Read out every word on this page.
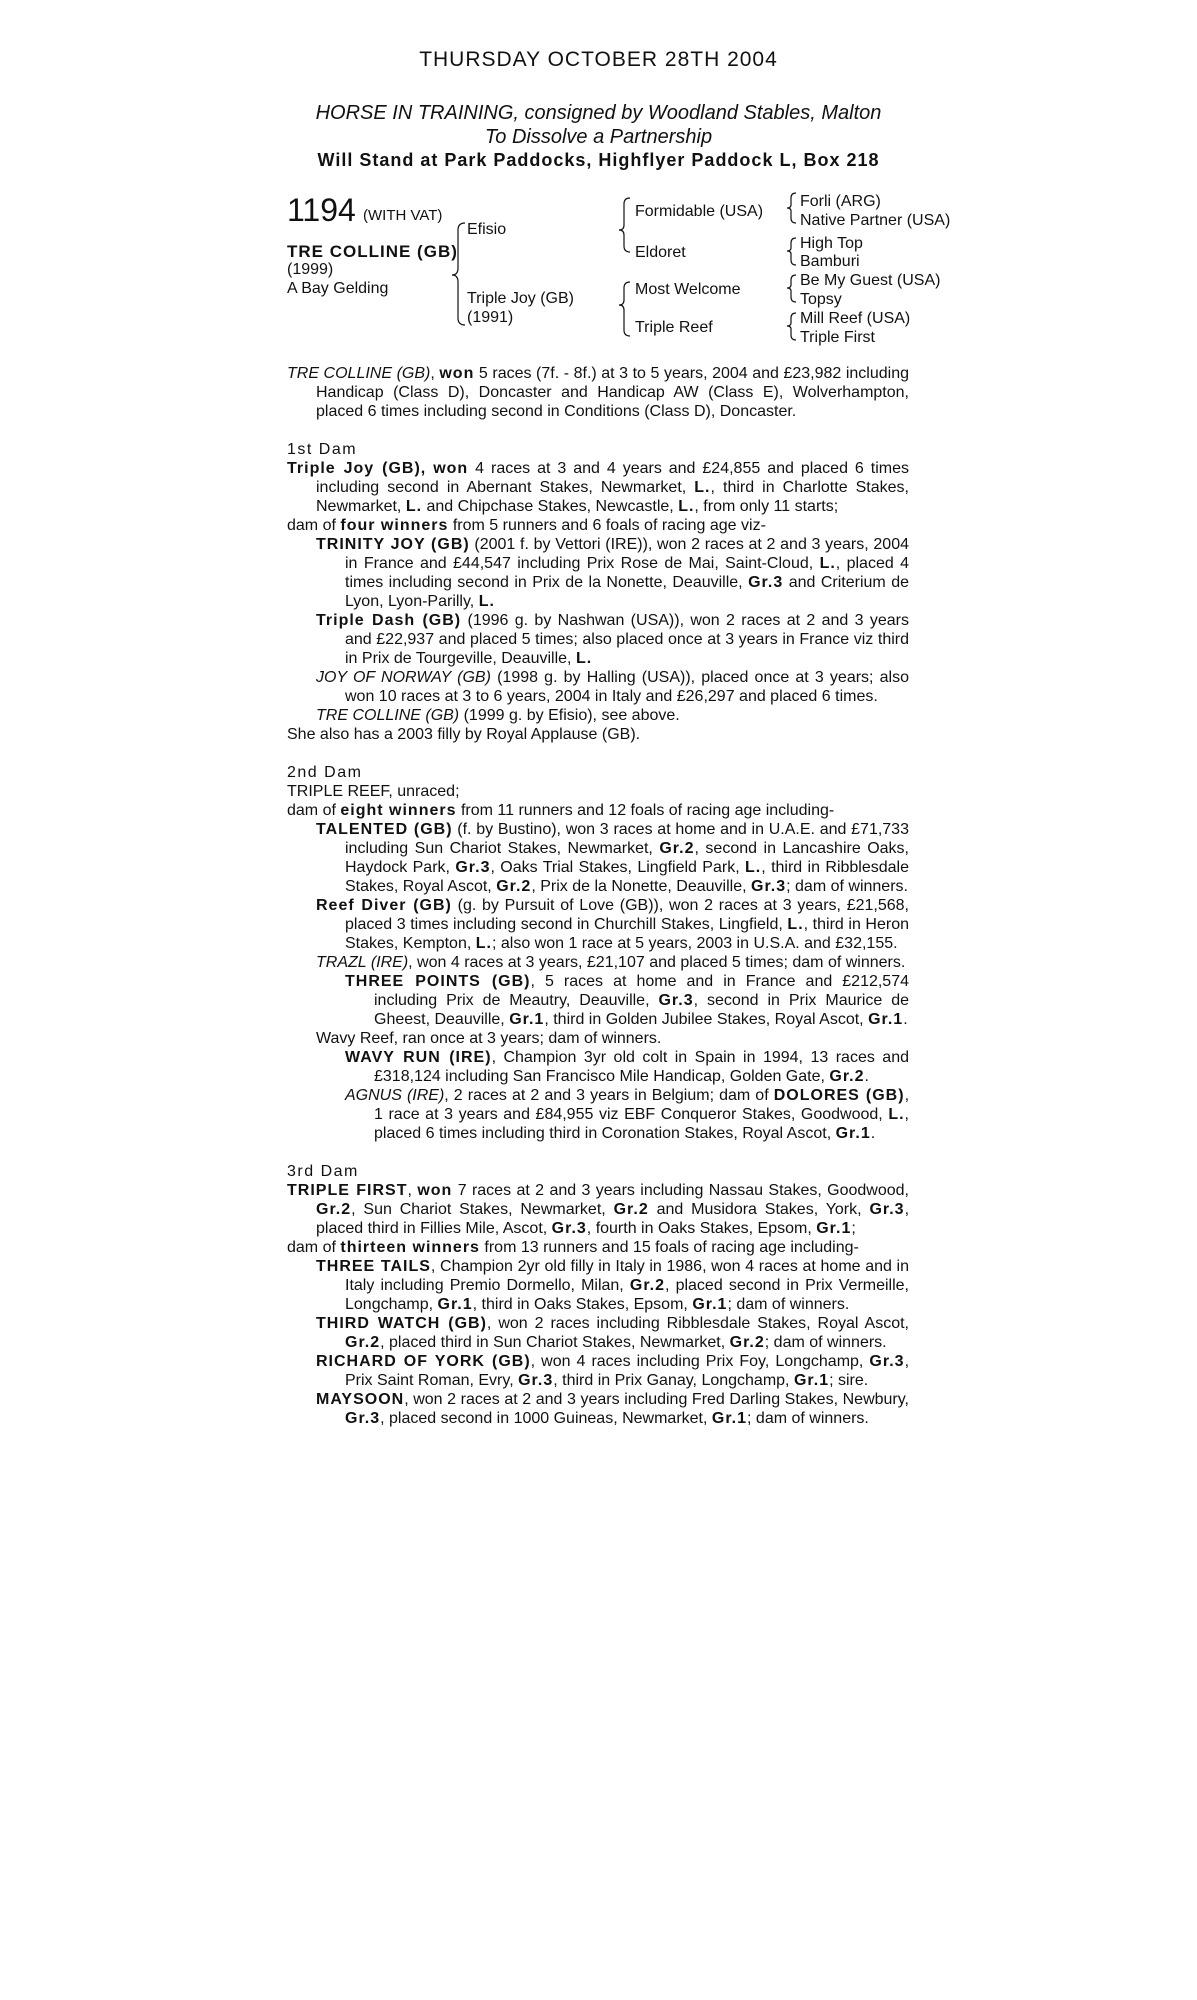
THURSDAY OCTOBER 28TH 2004
HORSE IN TRAINING, consigned by Woodland Stables, Malton
To Dissolve a Partnership
Will Stand at Park Paddocks, Highflyer Paddock L, Box 218
1194 (WITH VAT)
TRE COLLINE (GB)
(1999)
A Bay Gelding
Efisio
Triple Joy (GB)
(1991)
Formidable (USA)
Eldoret
Most Welcome
Triple Reef
Forli (ARG)
Native Partner (USA)
High Top
Bamburi
Be My Guest (USA)
Topsy
Mill Reef (USA)
Triple First

TRE COLLINE (GB), won 5 races (7f. - 8f.) at 3 to 5 years, 2004 and £23,982 including Handicap (Class D), Doncaster and Handicap AW (Class E), Wolverhampton, placed 6 times including second in Conditions (Class D), Doncaster.

1st Dam

Triple Joy (GB), won 4 races at 3 and 4 years and £24,855 and placed 6 times including second in Abernant Stakes, Newmarket, L., third in Charlotte Stakes, Newmarket, L. and Chipchase Stakes, Newcastle, L., from only 11 starts;

dam of four winners from 5 runners and 6 foals of racing age viz-

TRINITY JOY (GB) (2001 f. by Vettori (IRE)), won 2 races at 2 and 3 years, 2004 in France and £44,547 including Prix Rose de Mai, Saint-Cloud, L., placed 4 times including second in Prix de la Nonette, Deauville, Gr.3 and Criterium de Lyon, Lyon-Parilly, L.

Triple Dash (GB) (1996 g. by Nashwan (USA)), won 2 races at 2 and 3 years and £22,937 and placed 5 times; also placed once at 3 years in France viz third in Prix de Tourgeville, Deauville, L.

JOY OF NORWAY (GB) (1998 g. by Halling (USA)), placed once at 3 years; also won 10 races at 3 to 6 years, 2004 in Italy and £26,297 and placed 6 times.

TRE COLLINE (GB) (1999 g. by Efisio), see above.

She also has a 2003 filly by Royal Applause (GB).

2nd Dam

TRIPLE REEF, unraced;

dam of eight winners from 11 runners and 12 foals of racing age including-

TALENTED (GB) (f. by Bustino), won 3 races at home and in U.A.E. and £71,733 including Sun Chariot Stakes, Newmarket, Gr.2, second in Lancashire Oaks, Haydock Park, Gr.3, Oaks Trial Stakes, Lingfield Park, L., third in Ribblesdale Stakes, Royal Ascot, Gr.2, Prix de la Nonette, Deauville, Gr.3; dam of winners.

Reef Diver (GB) (g. by Pursuit of Love (GB)), won 2 races at 3 years, £21,568, placed 3 times including second in Churchill Stakes, Lingfield, L., third in Heron Stakes, Kempton, L.; also won 1 race at 5 years, 2003 in U.S.A. and £32,155.

TRAZL (IRE), won 4 races at 3 years, £21,107 and placed 5 times; dam of winners.

THREE POINTS (GB), 5 races at home and in France and £212,574 including Prix de Meautry, Deauville, Gr.3, second in Prix Maurice de Gheest, Deauville, Gr.1, third in Golden Jubilee Stakes, Royal Ascot, Gr.1.

Wavy Reef, ran once at 3 years; dam of winners.

WAVY RUN (IRE), Champion 3yr old colt in Spain in 1994, 13 races and £318,124 including San Francisco Mile Handicap, Golden Gate, Gr.2.

AGNUS (IRE), 2 races at 2 and 3 years in Belgium; dam of DOLORES (GB), 1 race at 3 years and £84,955 viz EBF Conqueror Stakes, Goodwood, L., placed 6 times including third in Coronation Stakes, Royal Ascot, Gr.1.

3rd Dam

TRIPLE FIRST, won 7 races at 2 and 3 years including Nassau Stakes, Goodwood, Gr.2, Sun Chariot Stakes, Newmarket, Gr.2 and Musidora Stakes, York, Gr.3, placed third in Fillies Mile, Ascot, Gr.3, fourth in Oaks Stakes, Epsom, Gr.1;

dam of thirteen winners from 13 runners and 15 foals of racing age including-

THREE TAILS, Champion 2yr old filly in Italy in 1986, won 4 races at home and in Italy including Premio Dormello, Milan, Gr.2, placed second in Prix Vermeille, Longchamp, Gr.1, third in Oaks Stakes, Epsom, Gr.1; dam of winners.

THIRD WATCH (GB), won 2 races including Ribblesdale Stakes, Royal Ascot, Gr.2, placed third in Sun Chariot Stakes, Newmarket, Gr.2; dam of winners.

RICHARD OF YORK (GB), won 4 races including Prix Foy, Longchamp, Gr.3, Prix Saint Roman, Evry, Gr.3, third in Prix Ganay, Longchamp, Gr.1; sire.

MAYSOON, won 2 races at 2 and 3 years including Fred Darling Stakes, Newbury, Gr.3, placed second in 1000 Guineas, Newmarket, Gr.1; dam of winners.
